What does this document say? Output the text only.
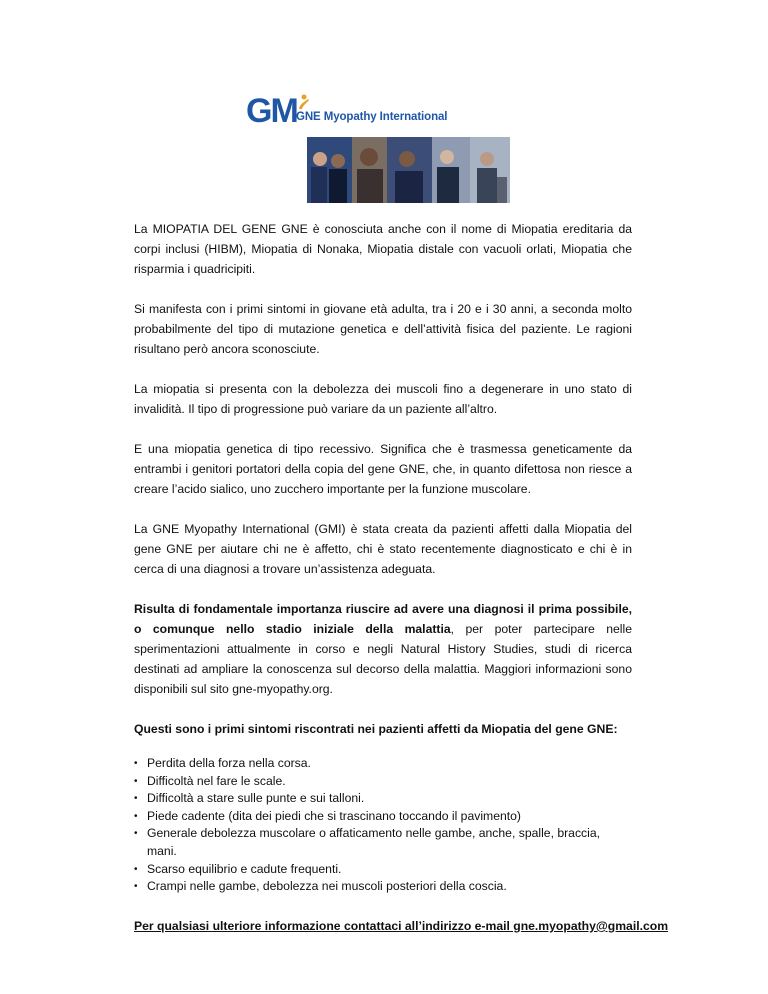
GM GNE Myopathy International

La MIOPATIA DEL GENE GNE è conosciuta anche con il nome di Miopatia ereditaria da corpi inclusi (HIBM), Miopatia di Nonaka, Miopatia distale con vacuoli orlati, Miopatia che risparmia i quadricipiti.

Si manifesta con i primi sintomi in giovane età adulta, tra i 20 e i 30 anni, a seconda molto probabilmente del tipo di mutazione genetica e dell’attività fisica del paziente. Le ragioni risultano però ancora sconosciute.

La miopatia si presenta con la debolezza dei muscoli fino a degenerare in uno stato di invalidità. Il tipo di progressione può variare da un paziente all’altro.

E una miopatia genetica di tipo recessivo. Significa che è trasmessa geneticamente da entrambi i genitori portatori della copia del gene GNE, che, in quanto difettosa non riesce a creare l’acido sialico, uno zucchero importante per la funzione muscolare.

La GNE Myopathy International (GMI) è stata creata da pazienti affetti dalla Miopatia del gene GNE per aiutare chi ne è affetto, chi è stato recentemente diagnosticato e chi è in cerca di una diagnosi a trovare un’assistenza adeguata.

Risulta di fondamentale importanza riuscire ad avere una diagnosi il prima possibile, o comunque nello stadio iniziale della malattia, per poter partecipare nelle sperimentazioni attualmente in corso e negli Natural History Studies, studi di ricerca destinati ad ampliare la conoscenza sul decorso della malattia. Maggiori informazioni sono disponibili sul sito gne-myopathy.org.

Questi sono i primi sintomi riscontrati nei pazienti affetti da Miopatia del gene GNE:

• Perdita della forza nella corsa.
• Difficoltà nel fare le scale.
• Difficoltà a stare sulle punte e sui talloni.
• Piede cadente (dita dei piedi che si trascinano toccando il pavimento)
• Generale debolezza muscolare o affaticamento nelle gambe, anche, spalle, braccia, mani.
• Scarso equilibrio e cadute frequenti.
• Crampi nelle gambe, debolezza nei muscoli posteriori della coscia.

Per qualsiasi ulteriore informazione contattaci all’indirizzo e-mail gne.myopathy@gmail.com
